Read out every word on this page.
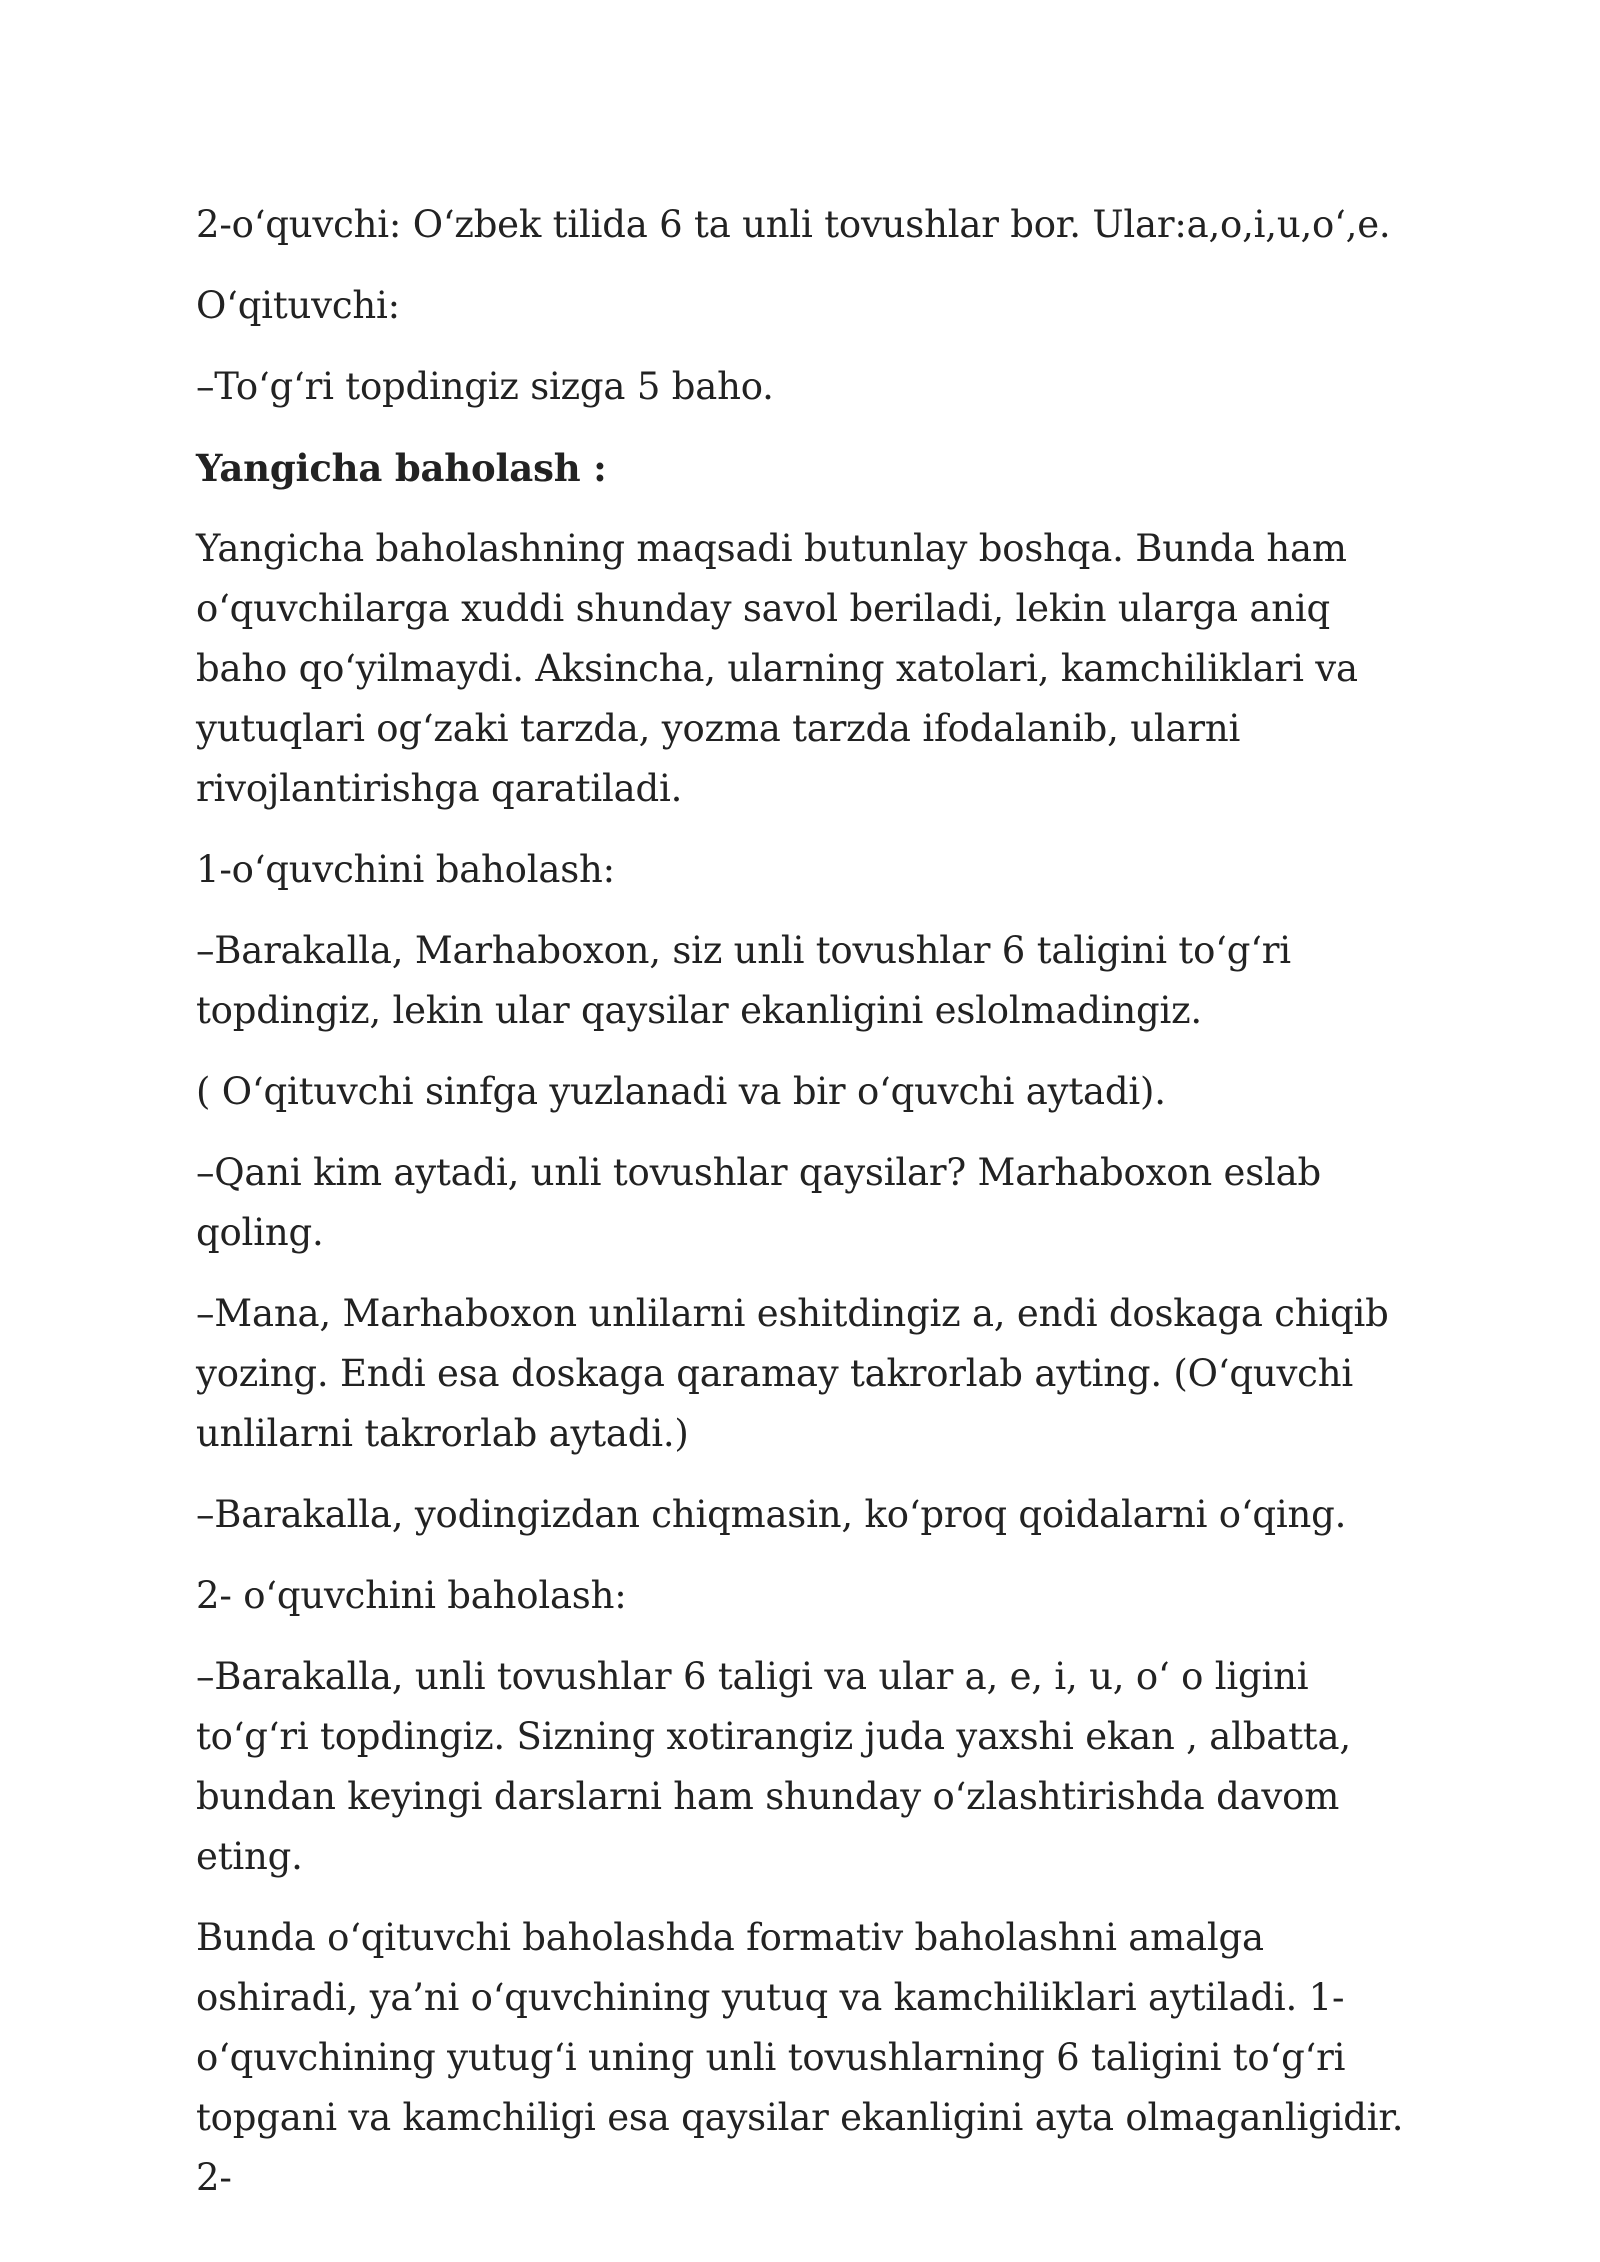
2-o‘quvchi: O‘zbek tilida 6 ta unli tovushlar bor. Ular:a,o,i,u,o‘,e.

O‘qituvchi:

–To‘g‘ri topdingiz sizga 5 baho.

Yangicha baholash :

Yangicha baholashning maqsadi butunlay boshqa. Bunda ham o‘quvchilarga xuddi shunday savol beriladi, lekin ularga aniq baho qo‘yilmaydi. Aksincha, ularning xatolari, kamchiliklari va yutuqlari og‘zaki tarzda, yozma tarzda ifodalanib, ularni rivojlantirishga qaratiladi.

1-o‘quvchini baholash:

–Barakalla, Marhaboxon, siz unli tovushlar 6 taligini to‘g‘ri topdingiz, lekin ular qaysilar ekanligini eslolmadingiz.

( O‘qituvchi sinfga yuzlanadi va bir o‘quvchi aytadi).

–Qani kim aytadi, unli tovushlar qaysilar? Marhaboxon eslab qoling.

–Mana, Marhaboxon unlilarni eshitdingiz a, endi doskaga chiqib yozing. Endi esa doskaga qaramay takrorlab ayting. (O‘quvchi unlilarni takrorlab aytadi.)

–Barakalla, yodingizdan chiqmasin, ko‘proq qoidalarni o‘qing.

2- o‘quvchini baholash:

–Barakalla, unli tovushlar 6 taligi va ular a, e, i, u, o‘ o ligini to‘g‘ri topdingiz. Sizning xotirangiz juda yaxshi ekan , albatta, bundan keyingi darslarni ham shunday o‘zlashtirishda davom eting.

Bunda o‘qituvchi baholashda formativ baholashni amalga oshiradi, ya’ni o‘quvchining yutuq va kamchiliklari aytiladi. 1-o‘quvchining yutug‘i uning unli tovushlarning 6 taligini to‘g‘ri topgani va kamchiligi esa qaysilar ekanligini ayta olmaganligidir. 2-
